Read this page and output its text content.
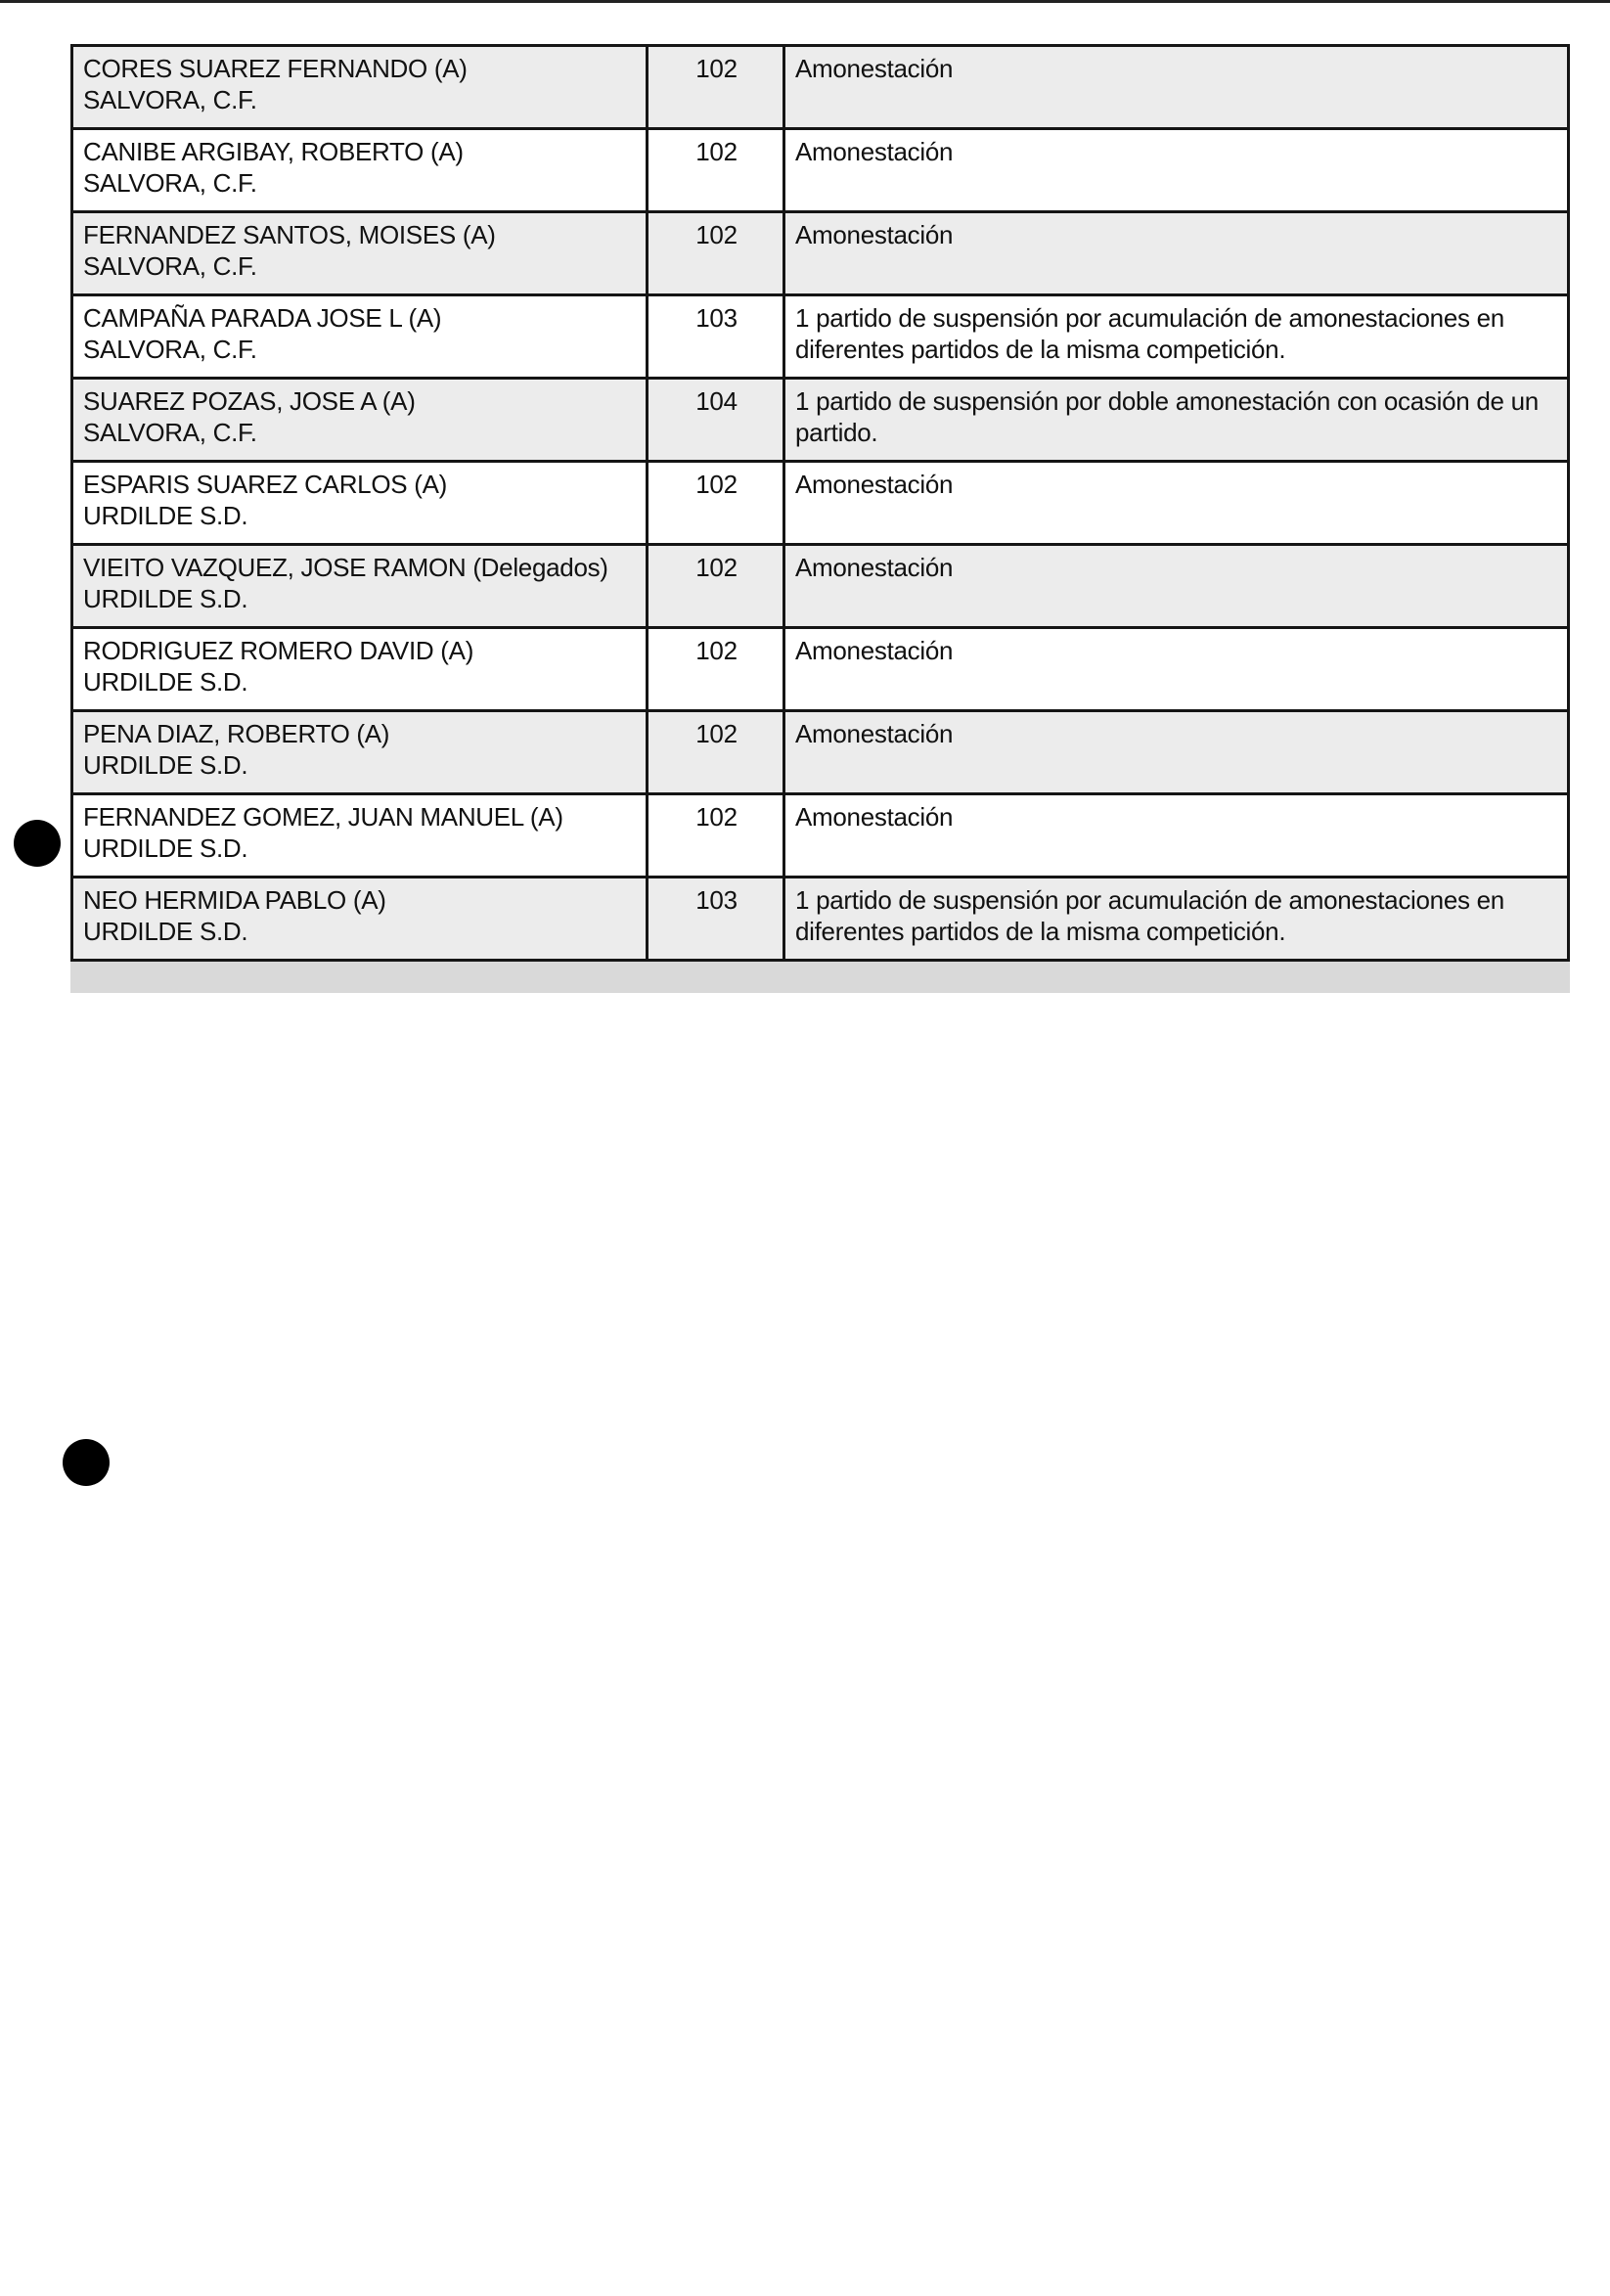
CORES SUAREZ FERNANDO (A)
SALVORA, C.F.	102	Amonestación

CANIBE ARGIBAY, ROBERTO (A)
SALVORA, C.F.	102	Amonestación

FERNANDEZ SANTOS, MOISES (A)
SALVORA, C.F.	102	Amonestación

CAMPAÑA PARADA JOSE L (A)
SALVORA, C.F.	103	1 partido de suspensión por acumulación de amonestaciones en diferentes partidos de la misma competición.

SUAREZ POZAS, JOSE A (A)
SALVORA, C.F.	104	1 partido de suspensión por doble amonestación con ocasión de un partido.

ESPARIS SUAREZ CARLOS (A)
URDILDE S.D.	102	Amonestación

VIEITO VAZQUEZ, JOSE RAMON (Delegados)
URDILDE S.D.	102	Amonestación

RODRIGUEZ ROMERO DAVID (A)
URDILDE S.D.	102	Amonestación

PENA DIAZ, ROBERTO (A)
URDILDE S.D.	102	Amonestación

FERNANDEZ GOMEZ, JUAN MANUEL (A)
URDILDE S.D.	102	Amonestación

NEO HERMIDA PABLO (A)
URDILDE S.D.	103	1 partido de suspensión por acumulación de amonestaciones en diferentes partidos de la misma competición.
